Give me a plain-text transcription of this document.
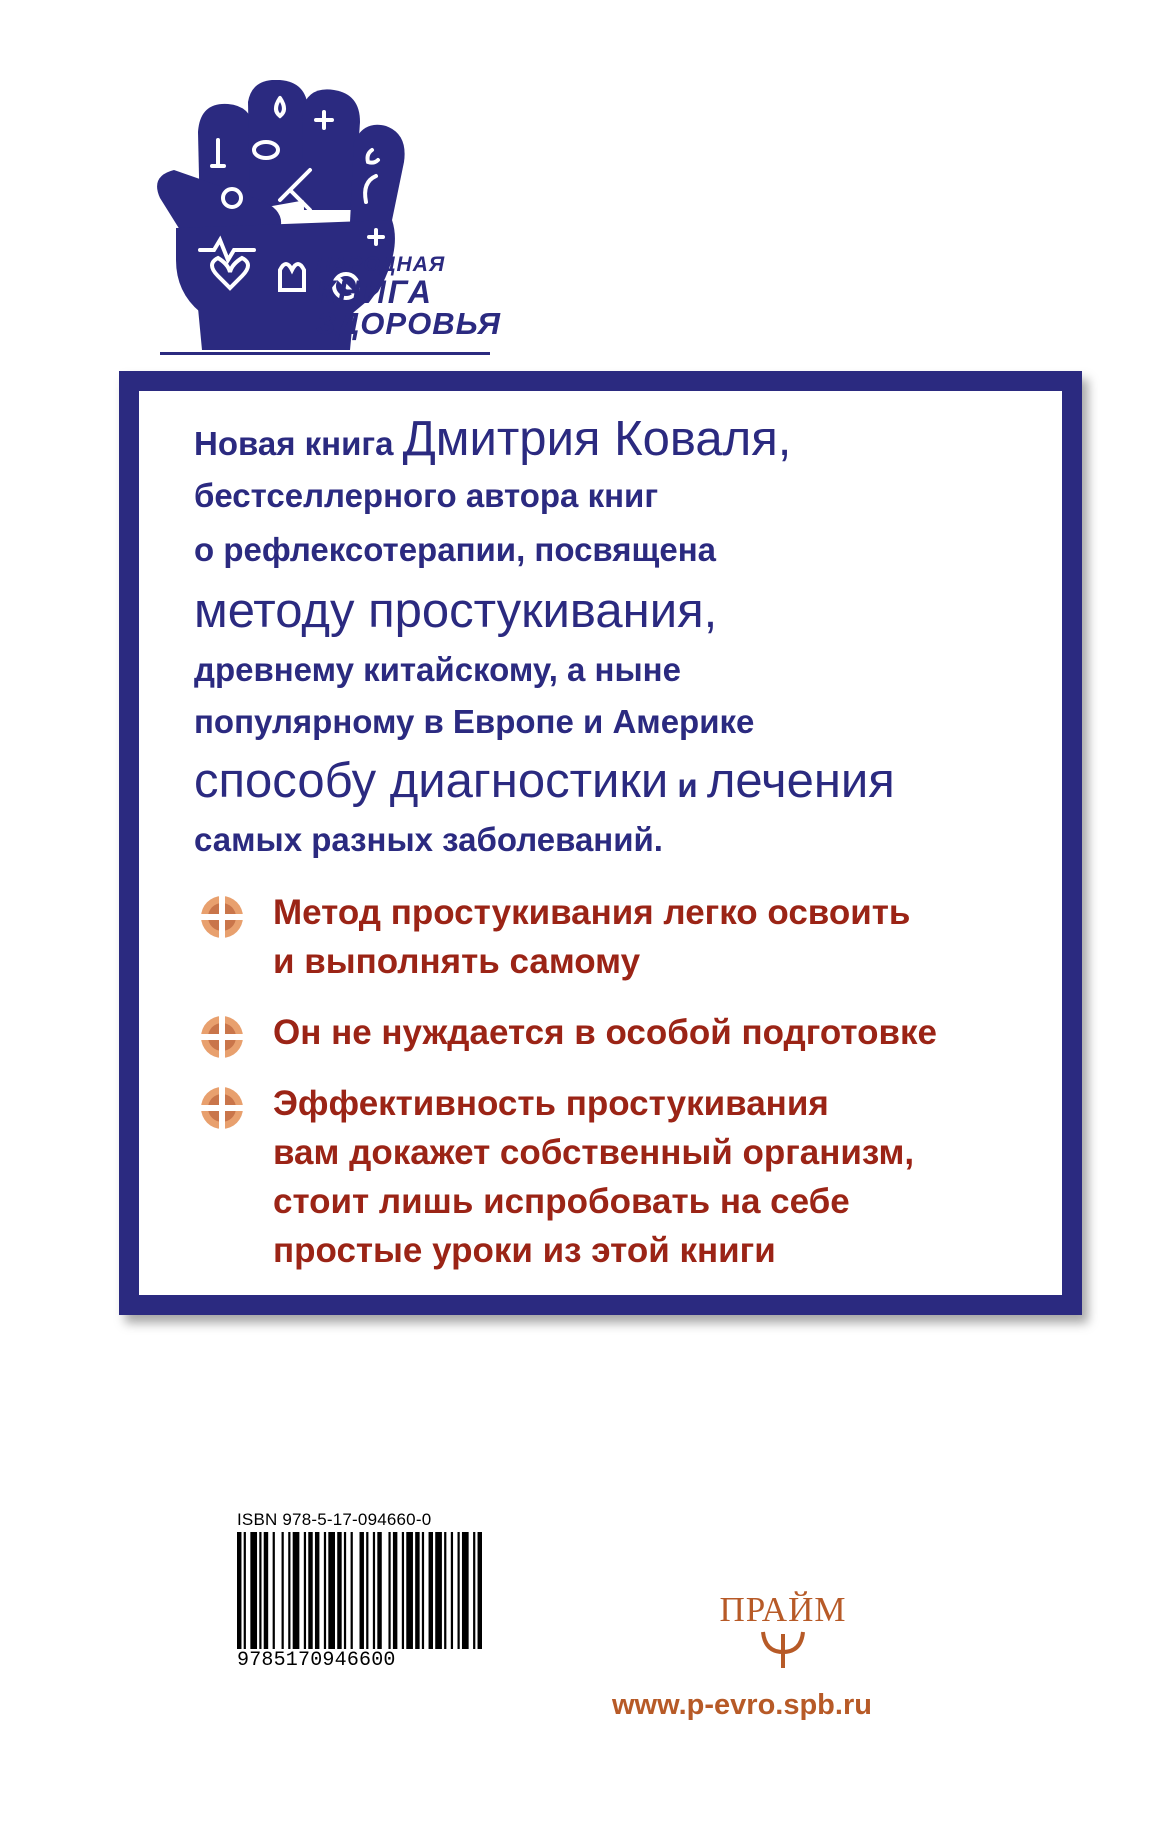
НАРОДНАЯ
КНИГА
ЗДОРОВЬЯ
Новая книга Дмитрия Коваля,
бестселлерного автора книг
о рефлексотерапии, посвящена
методу простукивания,
древнему китайскому, а ныне
популярному в Европе и Америке
способу диагностики и лечения
самых разных заболеваний.
Метод простукивания легко освоить
и выполнять самому
Он не нуждается в особой подготовке
Эффективность простукивания
вам докажет собственный организм,
стоит лишь испробовать на себе
простые уроки из этой книги
ISBN 978-5-17-094660-0
9785170946600
ПРАЙМ
www.p-evro.spb.ru
